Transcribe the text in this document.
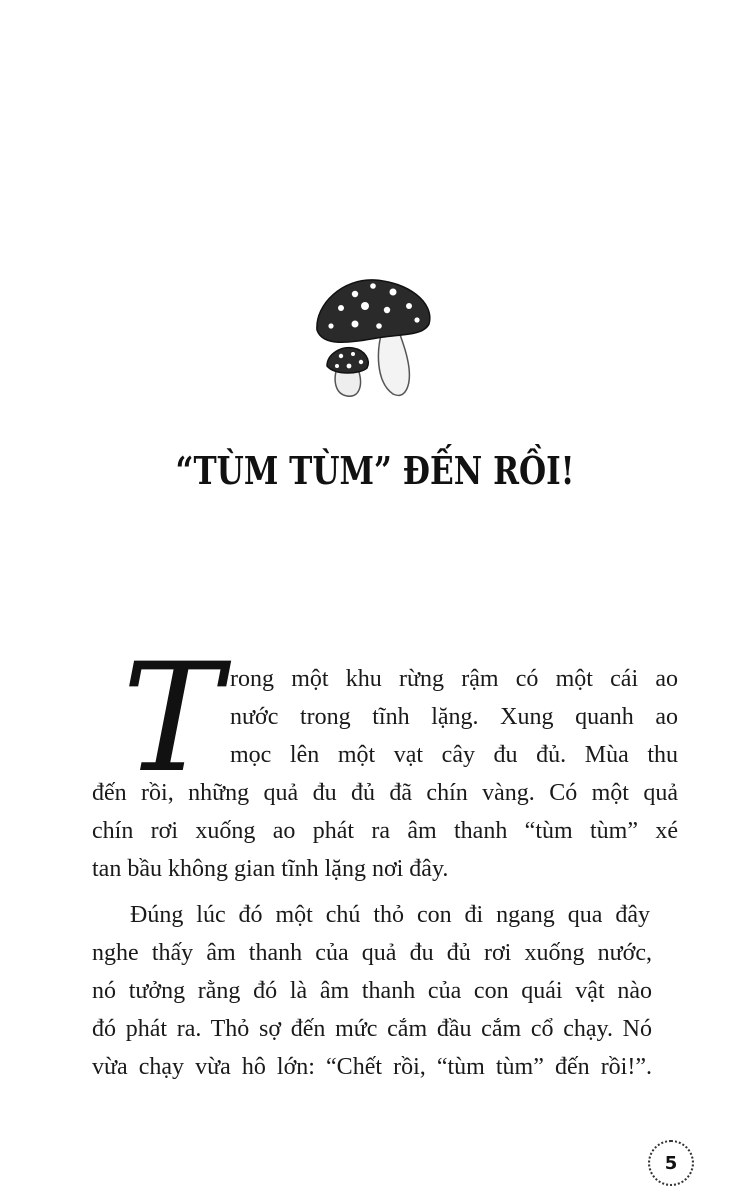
“TÙM TÙM” ĐẾN RỒI!
T rong một khu rừng rậm có một cái ao
nước trong tĩnh lặng. Xung quanh ao
mọc lên một vạt cây đu đủ. Mùa thu
đến rồi, những quả đu đủ đã chín vàng. Có một quả
chín rơi xuống ao phát ra âm thanh “tùm tùm” xé
tan bầu không gian tĩnh lặng nơi đây.
Đúng lúc đó một chú thỏ con đi ngang qua đây
nghe thấy âm thanh của quả đu đủ rơi xuống nước,
nó tưởng rằng đó là âm thanh của con quái vật nào
đó phát ra. Thỏ sợ đến mức cắm đầu cắm cổ chạy. Nó
vừa chạy vừa hô lớn: “Chết rồi, “tùm tùm” đến rồi!”.
5
